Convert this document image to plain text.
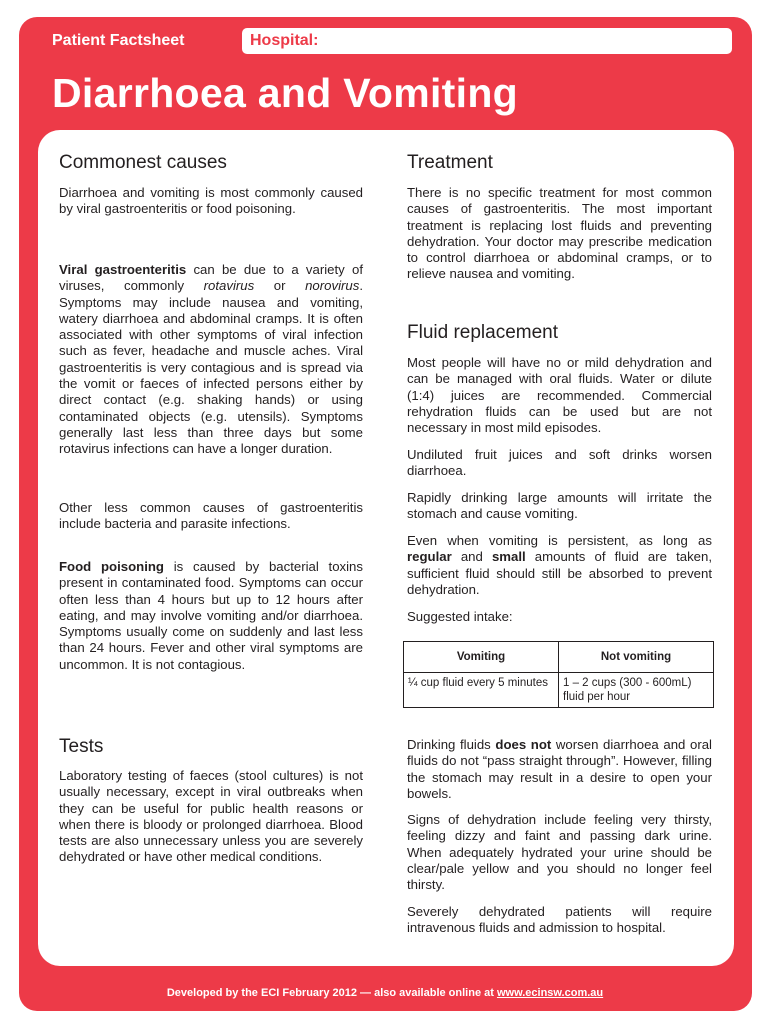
Patient Factsheet	Hospital:
Diarrhoea and Vomiting
Commonest causes

Diarrhoea and vomiting is most commonly caused by viral gastroenteritis or food poisoning.

Viral gastroenteritis can be due to a variety of viruses, commonly rotavirus or norovirus. Symptoms may include nausea and vomiting, watery diarrhoea and abdominal cramps. It is often associated with other symptoms of viral infection such as fever, headache and muscle aches. Viral gastroenteritis is very contagious and is spread via the vomit or faeces of infected persons either by direct contact (e.g. shaking hands) or using contaminated objects (e.g. utensils). Symptoms generally last less than three days but some rotavirus infections can have a longer duration.

Other less common causes of gastroenteritis include bacteria and parasite infections.

Food poisoning is caused by bacterial toxins present in contaminated food. Symptoms can occur often less than 4 hours but up to 12 hours after eating, and may involve vomiting and/or diarrhoea. Symptoms usually come on suddenly and last less than 24 hours. Fever and other viral symptoms are uncommon. It is not contagious.

Tests

Laboratory testing of faeces (stool cultures) is not usually necessary, except in viral outbreaks when they can be useful for public health reasons or when there is bloody or prolonged diarrhoea. Blood tests are also unnecessary unless you are severely dehydrated or have other medical conditions.

Treatment

There is no specific treatment for most common causes of gastroenteritis. The most important treatment is replacing lost fluids and preventing dehydration. Your doctor may prescribe medication to control diarrhoea or abdominal cramps, or to relieve nausea and vomiting.

Fluid replacement

Most people will have no or mild dehydration and can be managed with oral fluids. Water or dilute (1:4) juices are recommended. Commercial rehydration fluids can be used but are not necessary in most mild episodes.

Undiluted fruit juices and soft drinks worsen diarrhoea.

Rapidly drinking large amounts will irritate the stomach and cause vomiting.

Even when vomiting is persistent, as long as regular and small amounts of fluid are taken, sufficient fluid should still be absorbed to prevent dehydration.

Suggested intake:

Vomiting	Not vomiting
¼ cup fluid every 5 minutes	1 – 2 cups (300 - 600mL) fluid per hour

Drinking fluids does not worsen diarrhoea and oral fluids do not “pass straight through”. However, filling the stomach may result in a desire to open your bowels.

Signs of dehydration include feeling very thirsty, feeling dizzy and faint and passing dark urine. When adequately hydrated your urine should be clear/pale yellow and you should no longer feel thirsty.

Severely dehydrated patients will require intravenous fluids and admission to hospital.

Developed by the ECI February 2012 — also available online at www.ecinsw.com.au
